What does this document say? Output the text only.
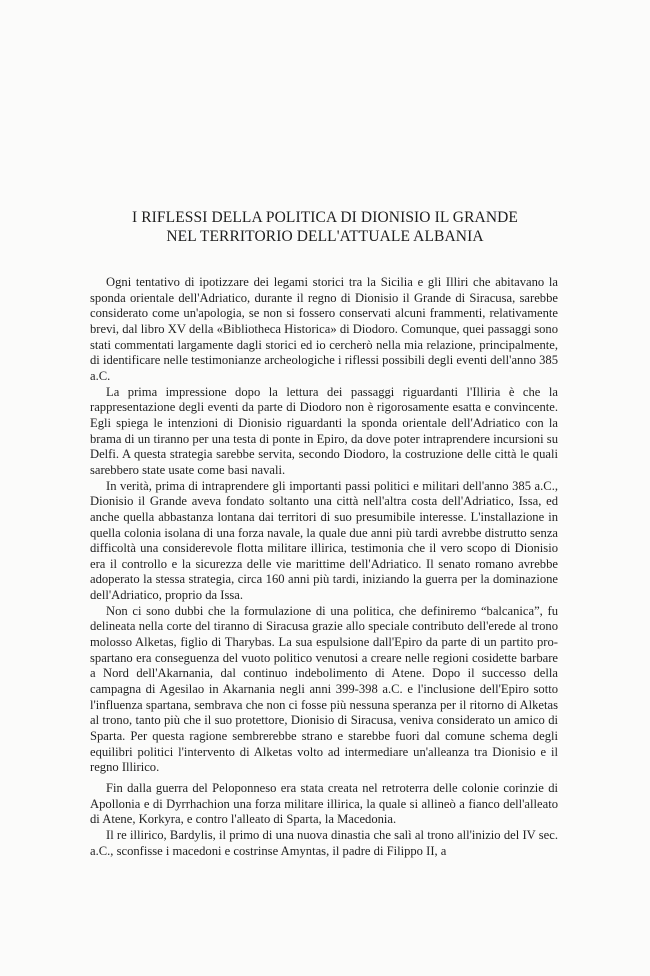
I RIFLESSI DELLA POLITICA DI DIONISIO IL GRANDE
NEL TERRITORIO DELL'ATTUALE ALBANIA

Ogni tentativo di ipotizzare dei legami storici tra la Sicilia e gli Illiri che abitavano la sponda orientale dell'Adriatico, durante il regno di Dionisio il Grande di Siracusa, sarebbe considerato come un'apologia, se non si fossero conservati alcuni frammenti, relativamente brevi, dal libro XV della «Bibliotheca Historica» di Diodoro. Comunque, quei passaggi sono stati commentati largamente dagli storici ed io cercherò nella mia relazione, principalmente, di identificare nelle testimonianze archeologiche i riflessi possibili degli eventi dell'anno 385 a.C.

La prima impressione dopo la lettura dei passaggi riguardanti l'Illiria è che la rappresentazione degli eventi da parte di Diodoro non è rigorosamente esatta e convincente. Egli spiega le intenzioni di Dionisio riguardanti la sponda orientale dell'Adriatico con la brama di un tiranno per una testa di ponte in Epiro, da dove poter intraprendere incursioni su Delfi. A questa strategia sarebbe servita, secondo Diodoro, la costruzione delle città le quali sarebbero state usate come basi navali.

In verità, prima di intraprendere gli importanti passi politici e militari dell'anno 385 a.C., Dionisio il Grande aveva fondato soltanto una città nell'altra costa dell'Adriatico, Issa, ed anche quella abbastanza lontana dai territori di suo presumibile interesse. L'installazione in quella colonia isolana di una forza navale, la quale due anni più tardi avrebbe distrutto senza difficoltà una considerevole flotta militare illirica, testimonia che il vero scopo di Dionisio era il controllo e la sicurezza delle vie marittime dell'Adriatico. Il senato romano avrebbe adoperato la stessa strategia, circa 160 anni più tardi, iniziando la guerra per la dominazione dell'Adriatico, proprio da Issa.

Non ci sono dubbi che la formulazione di una politica, che definiremo “balcanica”, fu delineata nella corte del tiranno di Siracusa grazie allo speciale contributo dell'erede al trono molosso Alketas, figlio di Tharybas. La sua espulsione dall'Epiro da parte di un partito pro-spartano era conseguenza del vuoto politico venutosi a creare nelle regioni cosidette barbare a Nord dell'Akarnania, dal continuo indebolimento di Atene. Dopo il successo della campagna di Agesilao in Akarnania negli anni 399-398 a.C. e l'inclusione dell'Epiro sotto l'influenza spartana, sembrava che non ci fosse più nessuna speranza per il ritorno di Alketas al trono, tanto più che il suo protettore, Dionisio di Siracusa, veniva considerato un amico di Sparta. Per questa ragione sembrerebbe strano e starebbe fuori dal comune schema degli equilibri politici l'intervento di Alketas volto ad intermediare un'alleanza tra Dionisio e il regno Illirico.

Fin dalla guerra del Peloponneso era stata creata nel retroterra delle colonie corinzie di Apollonia e di Dyrrhachion una forza militare illirica, la quale si allineò a fianco dell'alleato di Atene, Korkyra, e contro l'alleato di Sparta, la Macedonia.

Il re illirico, Bardylis, il primo di una nuova dinastia che salì al trono all'inizio del IV sec. a.C., sconfisse i macedoni e costrinse Amyntas, il padre di Filippo II, a
